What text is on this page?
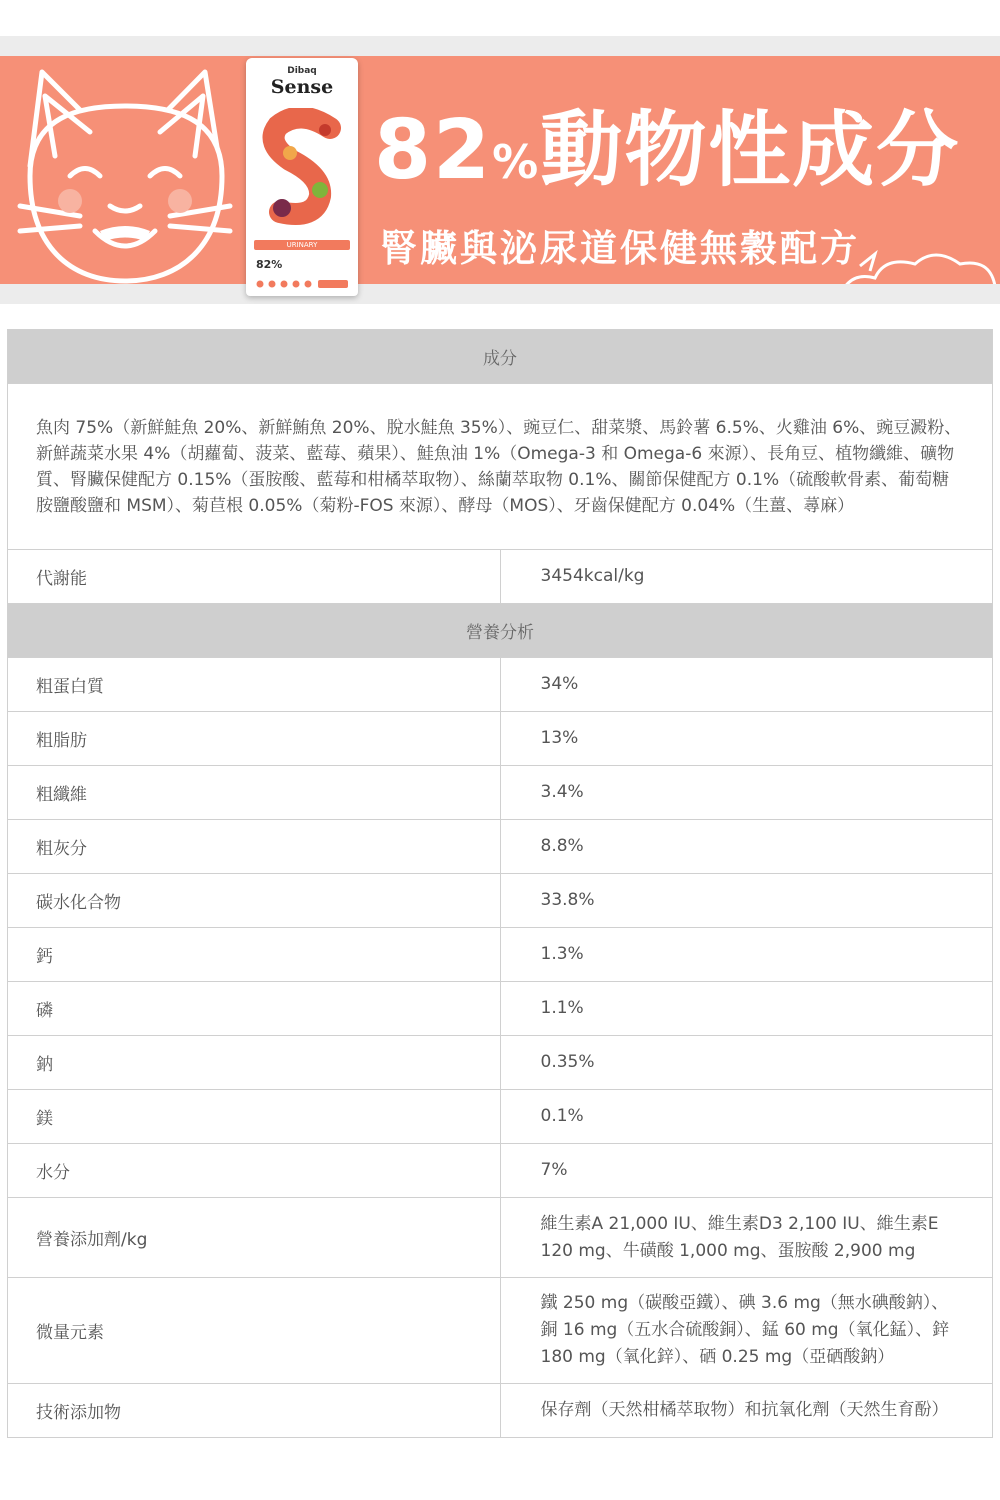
82%動物性成分
腎臟與泌尿道保健無穀配方
Dibaq
Sense
URINARY
82%
成分	
魚肉 75%（新鮮鮭魚 20%、新鮮鮪魚 20%、脫水鮭魚 35%）、豌豆仁、甜菜漿、馬鈴薯 6.5%、火雞油 6%、豌豆澱粉、新鮮蔬菜水果 4%（胡蘿蔔、菠菜、藍莓、蘋果）、鮭魚油 1%（Omega-3 和 Omega-6 來源）、長角豆、植物纖維、礦物質、腎臟保健配方 0.15%（蛋胺酸、藍莓和柑橘萃取物）、絲蘭萃取物 0.1%、關節保健配方 0.1%（硫酸軟骨素、葡萄糖胺鹽酸鹽和 MSM）、菊苣根 0.05%（菊粉-FOS 來源）、酵母（MOS）、牙齒保健配方 0.04%（生薑、蕁麻）	
代謝能	3454kcal/kg
營養分析	
粗蛋白質	34%
粗脂肪	13%
粗纖維	3.4%
粗灰分	8.8%
碳水化合物	33.8%
鈣	1.3%
磷	1.1%
鈉	0.35%
鎂	0.1%
水分	7%
營養添加劑/kg	維生素A 21,000 IU、維生素D3 2,100 IU、維生素E 120 mg、牛磺酸 1,000 mg、蛋胺酸 2,900 mg
微量元素	鐵 250 mg（碳酸亞鐵）、碘 3.6 mg（無水碘酸鈉）、銅 16 mg（五水合硫酸銅）、錳 60 mg（氧化錳）、鋅 180 mg（氧化鋅）、硒 0.25 mg（亞硒酸鈉）
技術添加物	保存劑（天然柑橘萃取物）和抗氧化劑（天然生育酚）
